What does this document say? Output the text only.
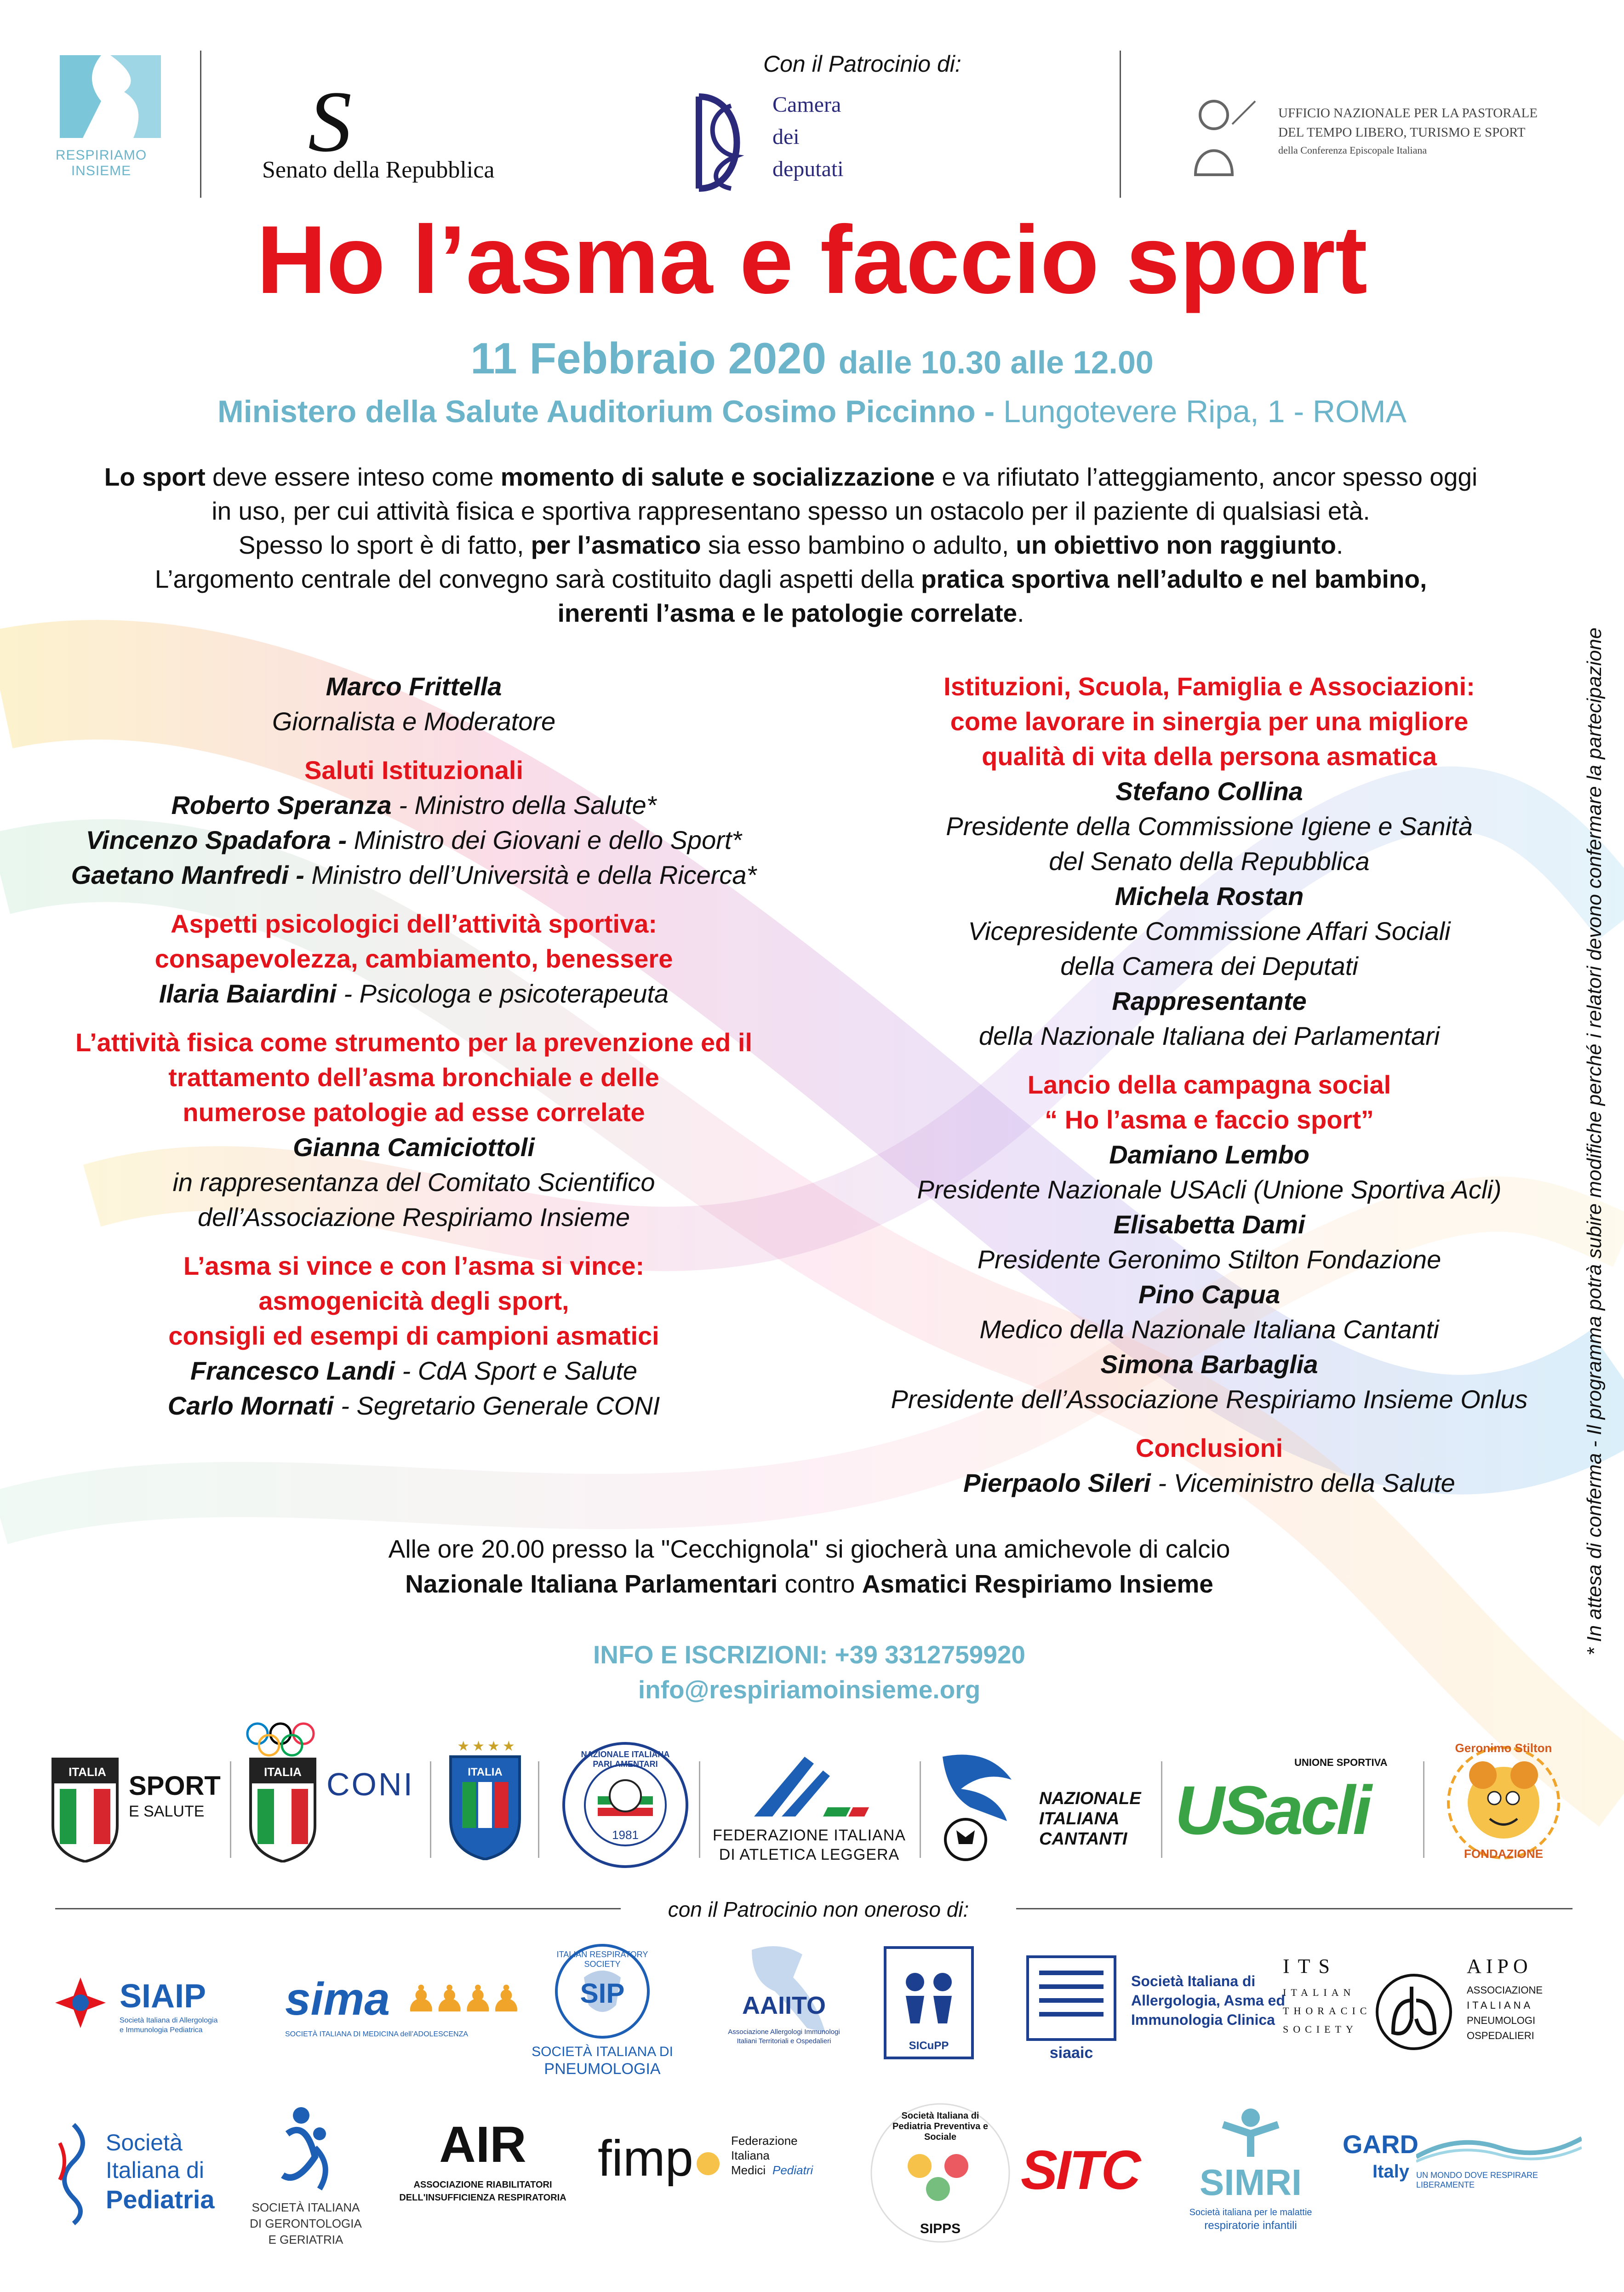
RESPIRIAMO INSIEME
S
Senato della Repubblica
Con il Patrocinio di:
Camera
dei
deputati
UFFICIO NAZIONALE PER LA PASTORALE
DEL TEMPO LIBERO, TURISMO E SPORT
della Conferenza Episcopale Italiana
Ho l’asma e faccio sport
11 Febbraio 2020 dalle 10.30 alle 12.00
Ministero della Salute Auditorium Cosimo Piccinno - Lungotevere Ripa, 1 - ROMA
Lo sport deve essere inteso come momento di salute e socializzazione e va rifiutato l’atteggiamento, ancor spesso oggi
in uso, per cui attività fisica e sportiva rappresentano spesso un ostacolo per il paziente di qualsiasi età.
Spesso lo sport è di fatto, per l’asmatico sia esso bambino o adulto, un obiettivo non raggiunto.
L’argomento centrale del convegno sarà costituito dagli aspetti della pratica sportiva nell’adulto e nel bambino,
inerenti l’asma e le patologie correlate.

Marco Frittella

Giornalista e Moderatore

Saluti Istituzionali

Roberto Speranza - Ministro della Salute*

Vincenzo Spadafora - Ministro dei Giovani e dello Sport*

Gaetano Manfredi - Ministro dell’Università e della Ricerca*

Aspetti psicologici dell’attività sportiva:

consapevolezza, cambiamento, benessere

Ilaria Baiardini - Psicologa e psicoterapeuta

L’attività fisica come strumento per la prevenzione ed il

trattamento dell’asma bronchiale e delle

numerose patologie ad esse correlate

Gianna Camiciottoli

in rappresentanza del Comitato Scientifico

dell’Associazione Respiriamo Insieme

L’asma si vince e con l’asma si vince:

asmogenicità degli sport,

consigli ed esempi di campioni asmatici

Francesco Landi - CdA Sport e Salute

Carlo Mornati - Segretario Generale CONI

Istituzioni, Scuola, Famiglia e Associazioni:

come lavorare in sinergia per una migliore

qualità di vita della persona asmatica

Stefano Collina

Presidente della Commissione Igiene e Sanità

del Senato della Repubblica

Michela Rostan

Vicepresidente Commissione Affari Sociali

della Camera dei Deputati

Rappresentante

della Nazionale Italiana dei Parlamentari

Lancio della campagna social

“ Ho l’asma e faccio sport”

Damiano Lembo

Presidente Nazionale USAcli (Unione Sportiva Acli)

Elisabetta Dami

Presidente Geronimo Stilton Fondazione

Pino Capua

Medico della Nazionale Italiana Cantanti

Simona Barbaglia

Presidente dell’Associazione Respiriamo Insieme Onlus

Conclusioni

Pierpaolo Sileri - Viceministro della Salute	* In attesa di conferma - Il programma potrà subire modifiche perché i relatori devono confermare la partecipazione
Alle ore 20.00 presso la "Cecchignola" si giocherà una amichevole di calcio
Nazionale Italiana Parlamentari contro Asmatici Respiriamo Insieme
INFO E ISCRIZIONI: +39 3312759920
info@respiriamoinsieme.org
ITALIA SPORT
E SALUTE
ITALIA CONI
★★★★
ITALIA
NAZIONALE ITALIANA PARLAMENTARI
1981	FEDERAZIONE ITALIANA
DI ATLETICA LEGGERA
NAZIONALE
ITALIANA
CANTANTI
UNIONE SPORTIVA
USacli
Geronimo Stilton
FONDAZIONE
con il Patrocinio non oneroso di:
SIAIP
Società Italiana di Allergologia
e Immunologia Pediatrica
sima ♟♟♟♟
SOCIETÀ ITALIANA DI MEDICINA dell’ADOLESCENZA
ITALIAN RESPIRATORY SOCIETY
SIP
SOCIETÀ ITALIANA DI
PNEUMOLOGIA
AAIITO
Associazione Allergologi Immunologi
Italiani Territoriali e Ospedalieri	SICuPP	siaaic
Società Italiana di
Allergologia, Asma ed
Immunologia Clinica
ITS
ITALIAN
THORACIC
SOCIETY
AIPO
ASSOCIAZIONE
ITALIANA
PNEUMOLOGI
OSPEDALIERI
Società
Italiana di
Pediatria	SOCIETÀ ITALIANA
DI GERONTOLOGIA
E GERIATRIA
AIR
ASSOCIAZIONE RIABILITATORI
DELL'INSUFFICIENZA RESPIRATORIA
fimp	Federazione
Italiana
Medici Pediatri
Società Italiana di Pediatria Preventiva e Sociale
SIPPS
SITC	SIMRI
Società italiana per le malattie
respiratorie infantili
GARD
Italy UN MONDO DOVE RESPIRARE LIBERAMENTE
